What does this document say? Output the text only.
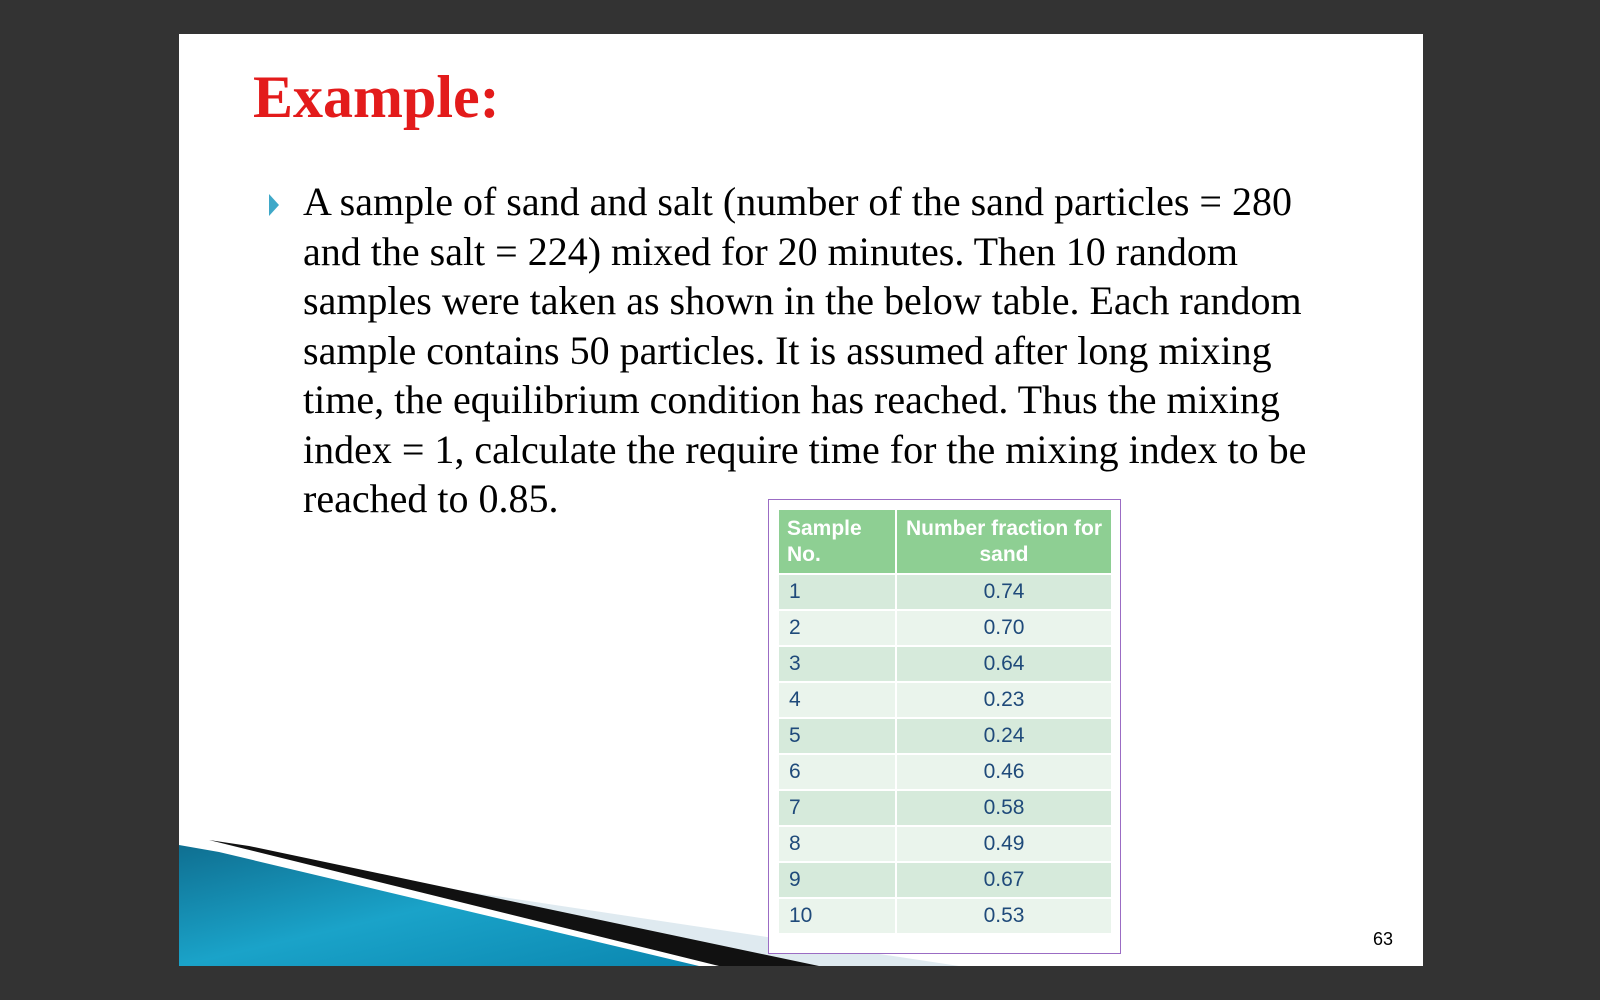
Example:

A sample of sand and salt (number of the sand particles = 280 and the salt = 224) mixed for 20 minutes. Then 10 random samples were taken as shown in the below table. Each random sample contains 50 particles. It is assumed after long mixing time, the equilibrium condition has reached. Thus the mixing index = 1, calculate the require time for the mixing index to be reached to 0.85.

Sample No.	Number fraction for sand
1	0.74
2	0.70
3	0.64
4	0.23
5	0.24
6	0.46
7	0.58
8	0.49
9	0.67
10	0.53
63
